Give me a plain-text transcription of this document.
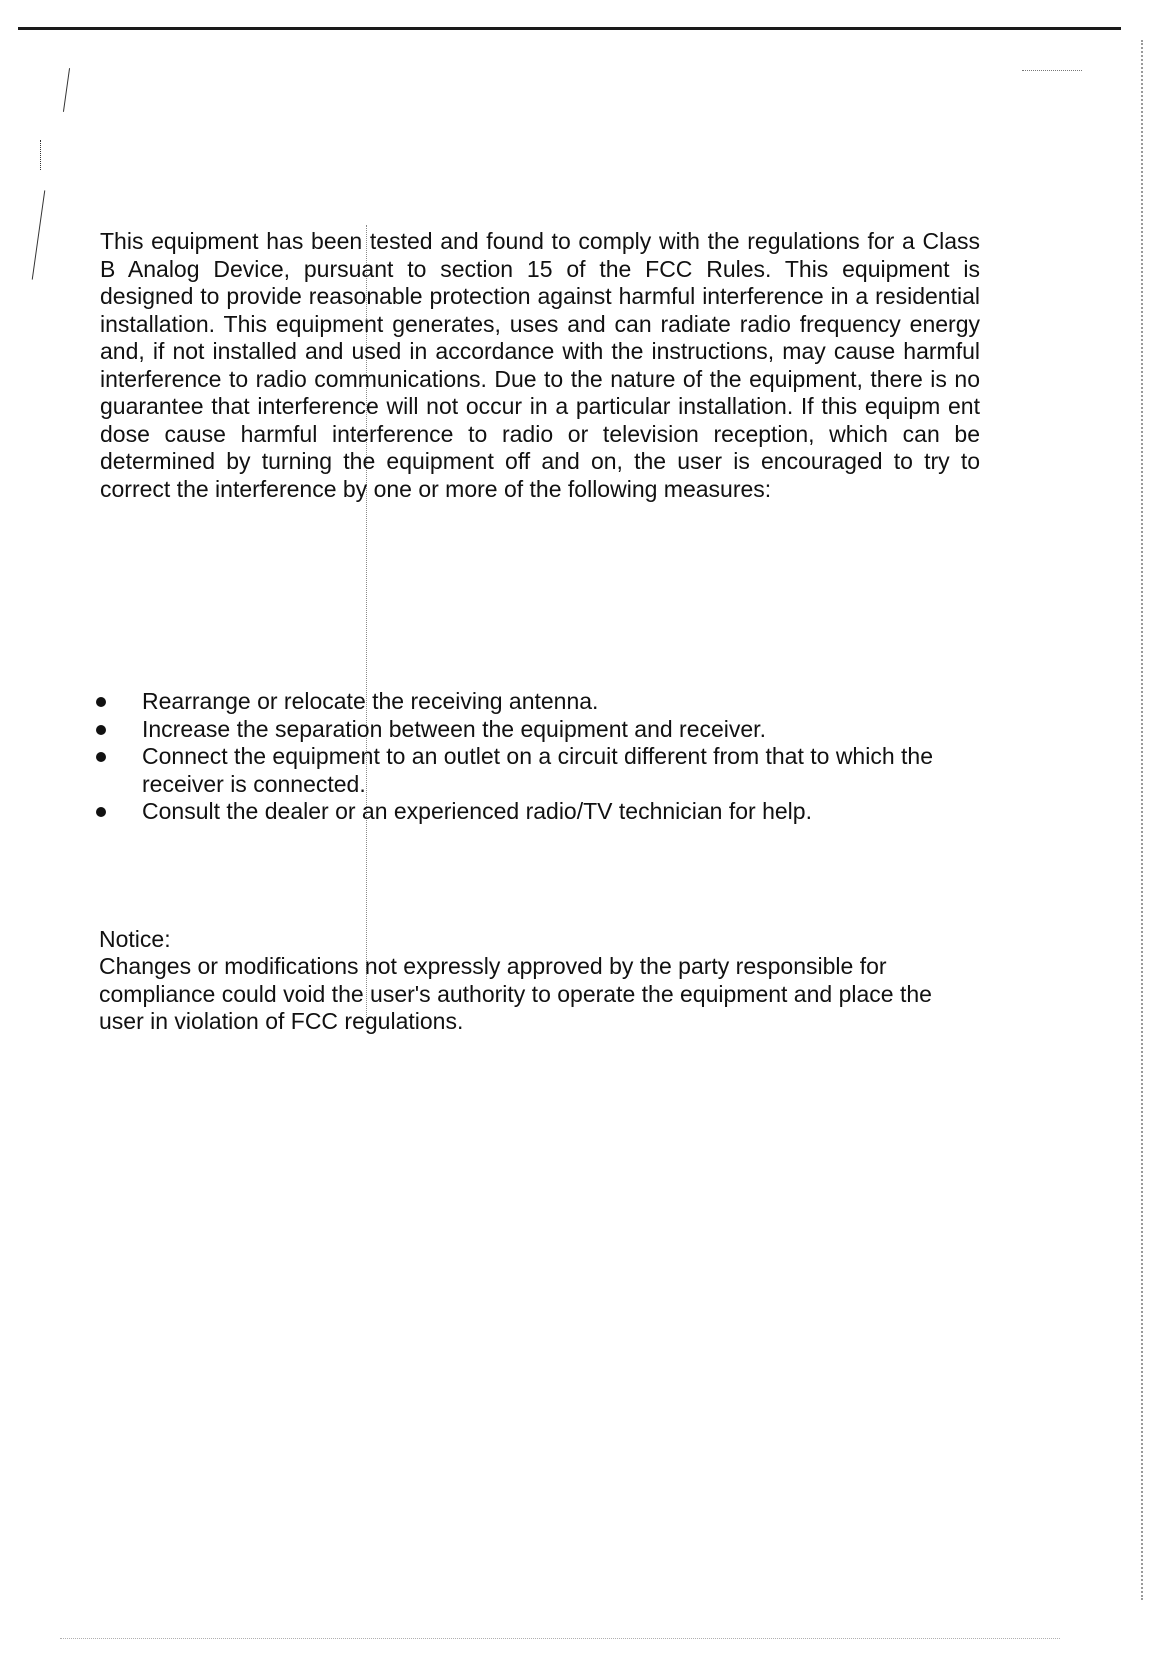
This equipment has been tested and found to comply with the regulations for a Class B Analog Device, pursuant to section 15 of the FCC Rules. This equipment is designed to provide reasonable protection against harmful interference in a residential installation. This equipment generates, uses and can radiate radio frequency energy and, if not installed and used in accordance with the instructions, may cause harmful interference to radio communications. Due to the nature of the equipment, there is no guarantee that interference will not occur in a particular installation. If this equipm ent dose cause harmful interference to radio or television reception, which can be determined by turning the equipment off and on, the user is encouraged to try to correct the interference by one or more of the following measures:

Rearrange or relocate the receiving antenna.
Increase the separation between the equipment and receiver.
Connect the equipment to an outlet on a circuit different from that to which the receiver is connected.
Consult the dealer or an experienced radio/TV technician for help.

Notice:

Changes or modifications not expressly approved by the party responsible for compliance could void the user's authority to operate the equipment and place the user in violation of FCC regulations.
